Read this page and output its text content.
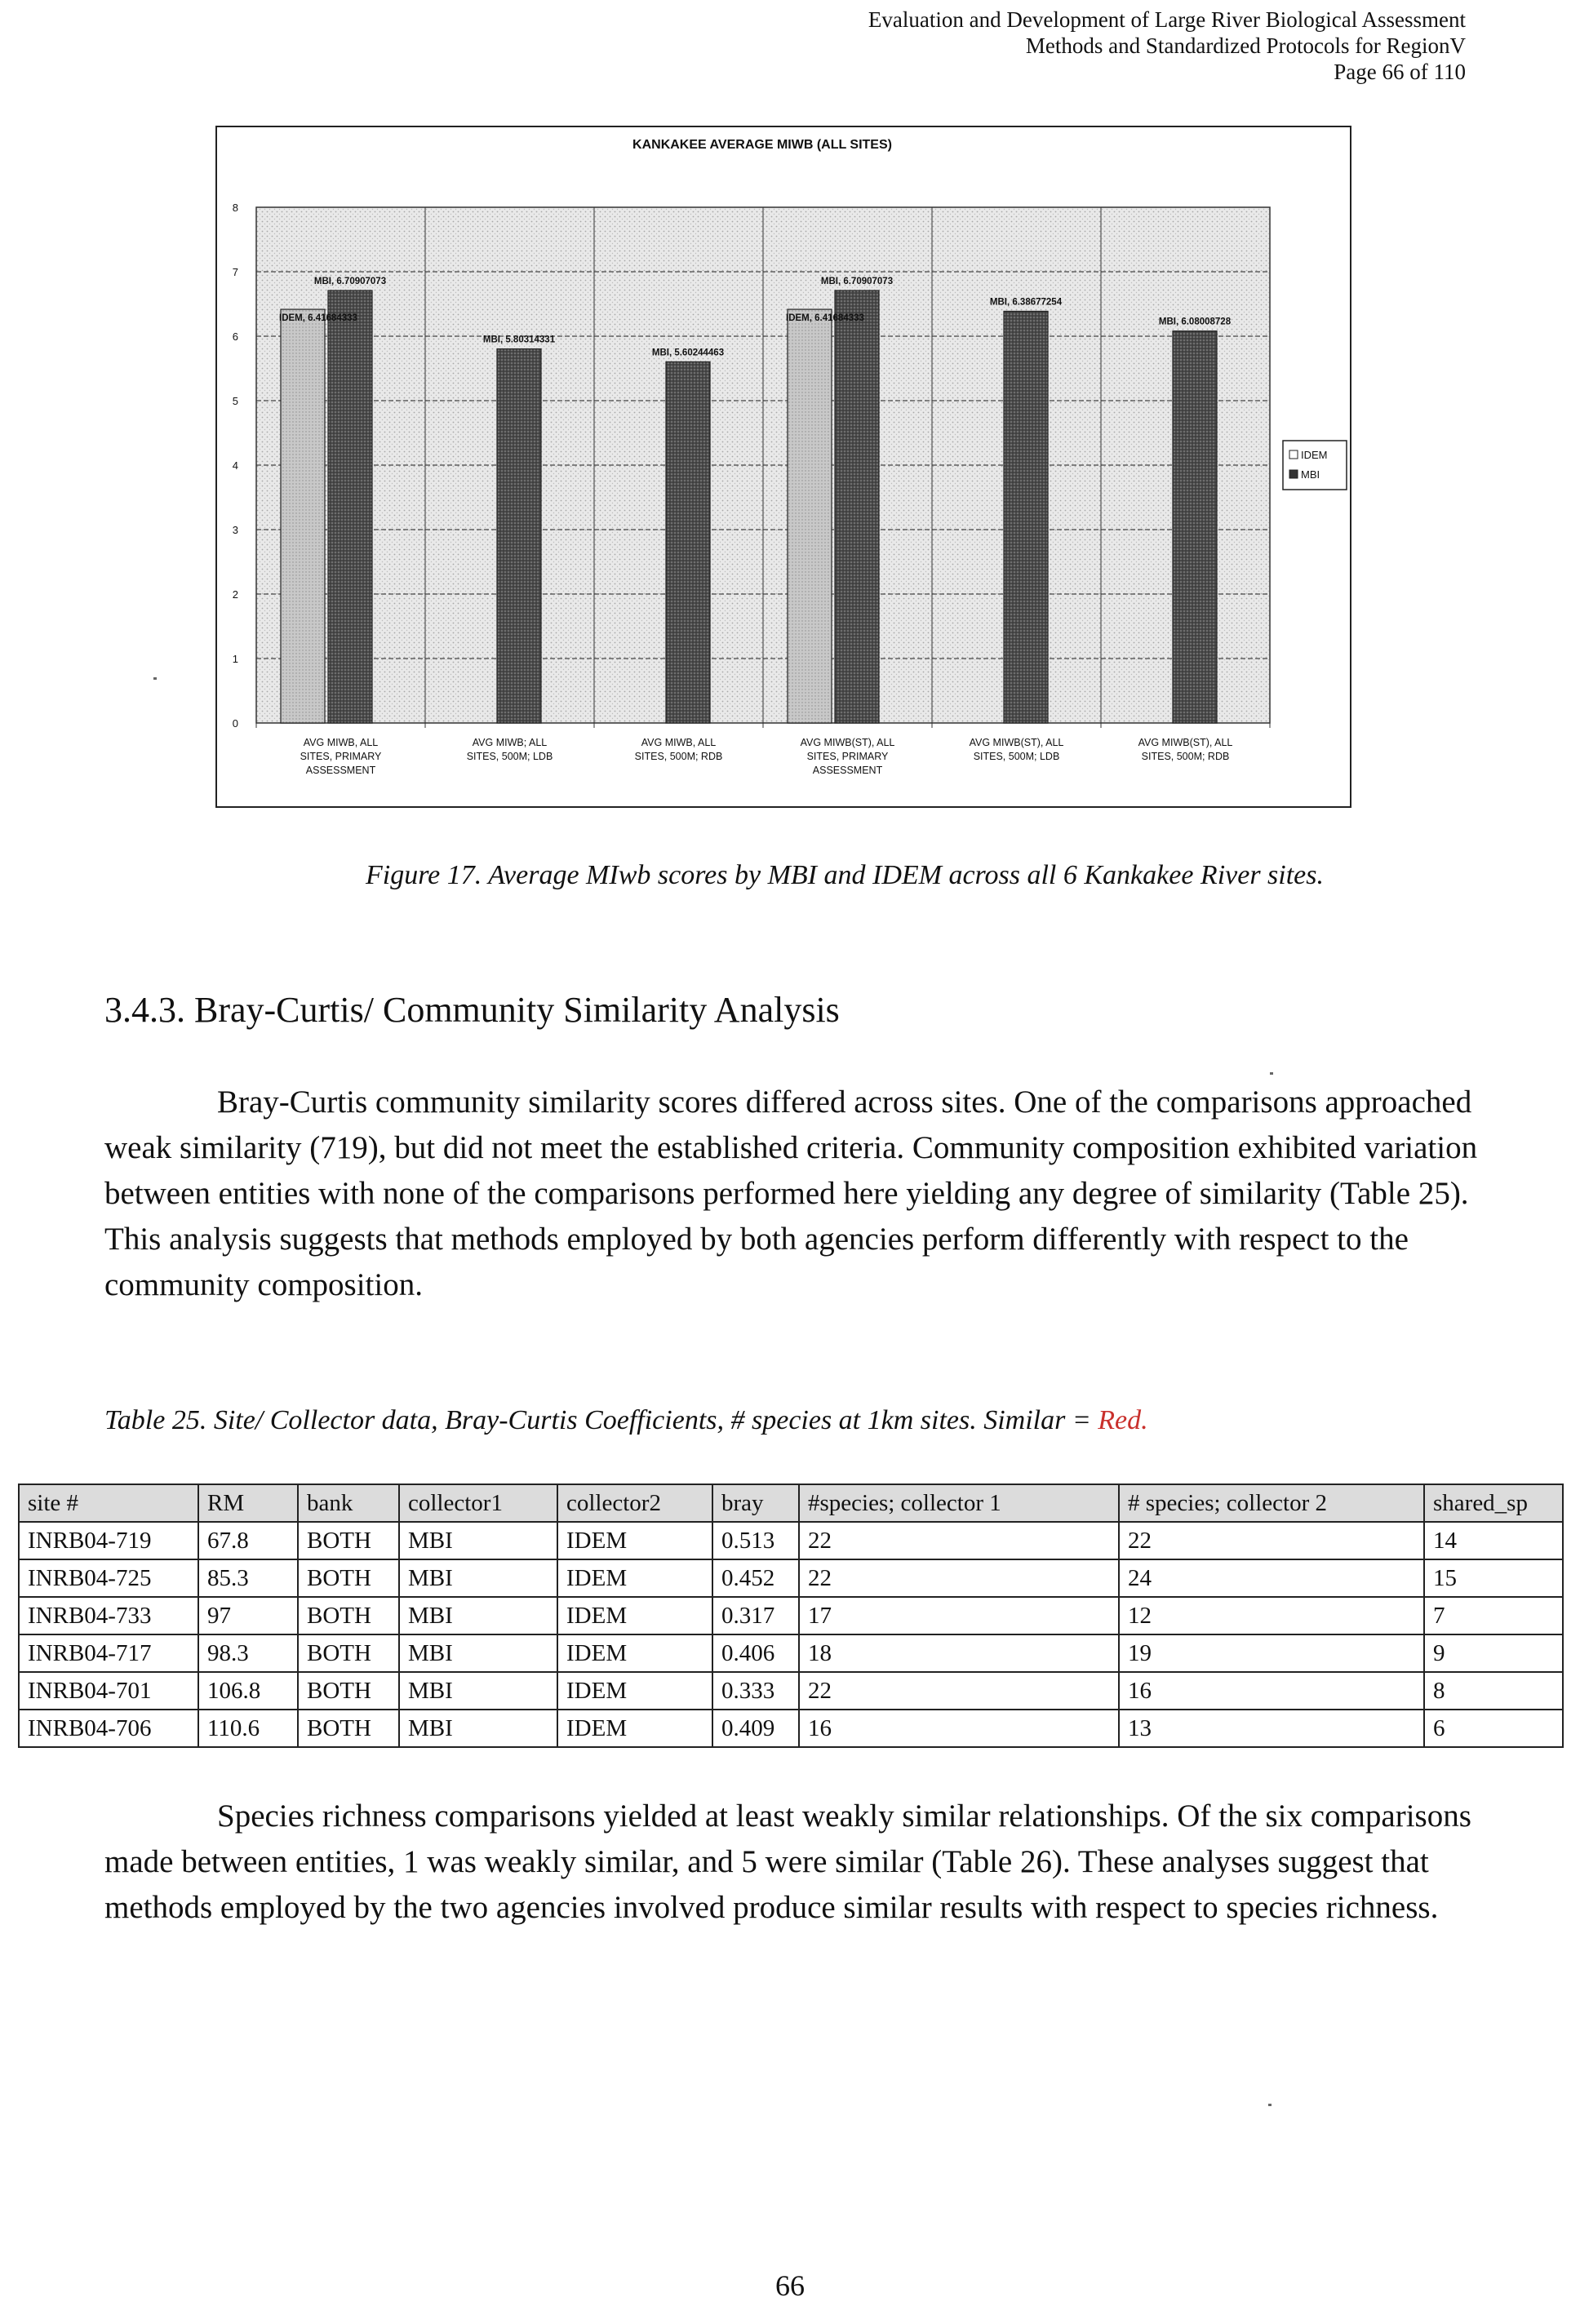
Evaluation and Development of Large River Biological Assessment
Methods and Standardized Protocols for RegionV
Page 66 of 110
KANKAKEE AVERAGE MIWB (ALL SITES)
0
1
2
3
4
5
6
7
8
AVG MIWB, ALL
SITES, PRIMARY
ASSESSMENT
AVG MIWB; ALL
SITES, 500M; LDB
AVG MIWB, ALL
SITES, 500M; RDB
AVG MIWB(ST), ALL
SITES, PRIMARY
ASSESSMENT
AVG MIWB(ST), ALL
SITES, 500M; LDB
AVG MIWB(ST), ALL
SITES, 500M; RDB
IDEM, 6.41684333
MBI, 6.70907073
MBI, 5.80314331
MBI, 5.60244463
IDEM, 6.41684333
MBI, 6.70907073
MBI, 6.38677254
MBI, 6.08008728
IDEM
MBI
Figure 17. Average MIwb scores by MBI and IDEM across all 6 Kankakee River sites.
3.4.3. Bray-Curtis/ Community Similarity Analysis

Bray-Curtis community similarity scores differed across sites. One of the comparisons approached weak similarity (719), but did not meet the established criteria. Community composition exhibited variation between entities with none of the comparisons performed here yielding any degree of similarity (Table 25). This analysis suggests that methods employed by both agencies perform differently with respect to the community composition.

Table 25. Site/ Collector data, Bray-Curtis Coefficients, # species at 1km sites. Similar = Red.
site #	RM	bank	collector1	collector2	bray	#species; collector 1	# species; collector 2	shared_sp
INRB04-719	67.8	BOTH	MBI	IDEM	0.513	22	22	14
INRB04-725	85.3	BOTH	MBI	IDEM	0.452	22	24	15
INRB04-733	97	BOTH	MBI	IDEM	0.317	17	12	7
INRB04-717	98.3	BOTH	MBI	IDEM	0.406	18	19	9
INRB04-701	106.8	BOTH	MBI	IDEM	0.333	22	16	8
INRB04-706	110.6	BOTH	MBI	IDEM	0.409	16	13	6

Species richness comparisons yielded at least weakly similar relationships. Of the six comparisons made between entities, 1 was weakly similar, and 5 were similar (Table 26). These analyses suggest that methods employed by the two agencies involved produce similar results with respect to species richness.

66
